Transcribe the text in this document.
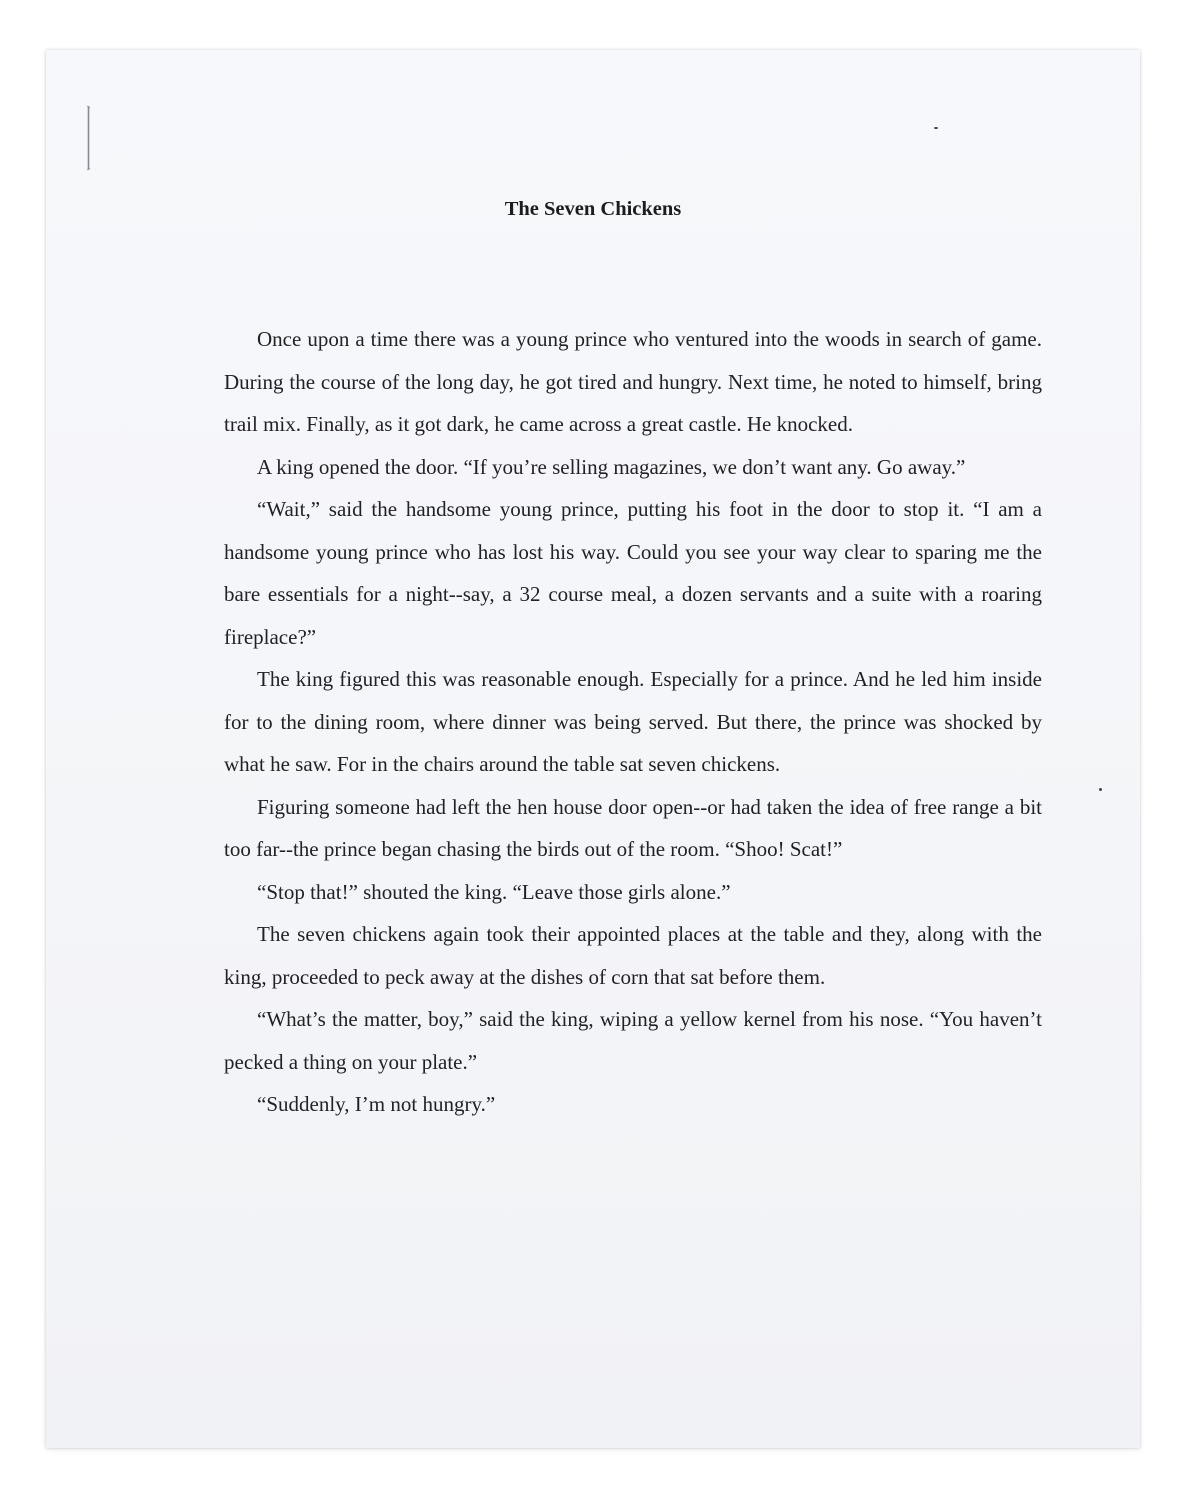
The Seven Chickens

Once upon a time there was a young prince who ventured into the woods in search of game. During the course of the long day, he got tired and hungry. Next time, he noted to himself, bring trail mix. Finally, as it got dark, he came across a great castle. He knocked.

A king opened the door. “If you’re selling magazines, we don’t want any. Go away.”

“Wait,” said the handsome young prince, putting his foot in the door to stop it. “I am a handsome young prince who has lost his way. Could you see your way clear to sparing me the bare essentials for a night--say, a 32 course meal, a dozen servants and a suite with a roaring fireplace?”

The king figured this was reasonable enough. Especially for a prince. And he led him inside for to the dining room, where dinner was being served. But there, the prince was shocked by what he saw. For in the chairs around the table sat seven chickens.

Figuring someone had left the hen house door open--or had taken the idea of free range a bit too far--the prince began chasing the birds out of the room. “Shoo! Scat!”

“Stop that!” shouted the king. “Leave those girls alone.”

The seven chickens again took their appointed places at the table and they, along with the king, proceeded to peck away at the dishes of corn that sat before them.

“What’s the matter, boy,” said the king, wiping a yellow kernel from his nose. “You haven’t pecked a thing on your plate.”

“Suddenly, I’m not hungry.”
